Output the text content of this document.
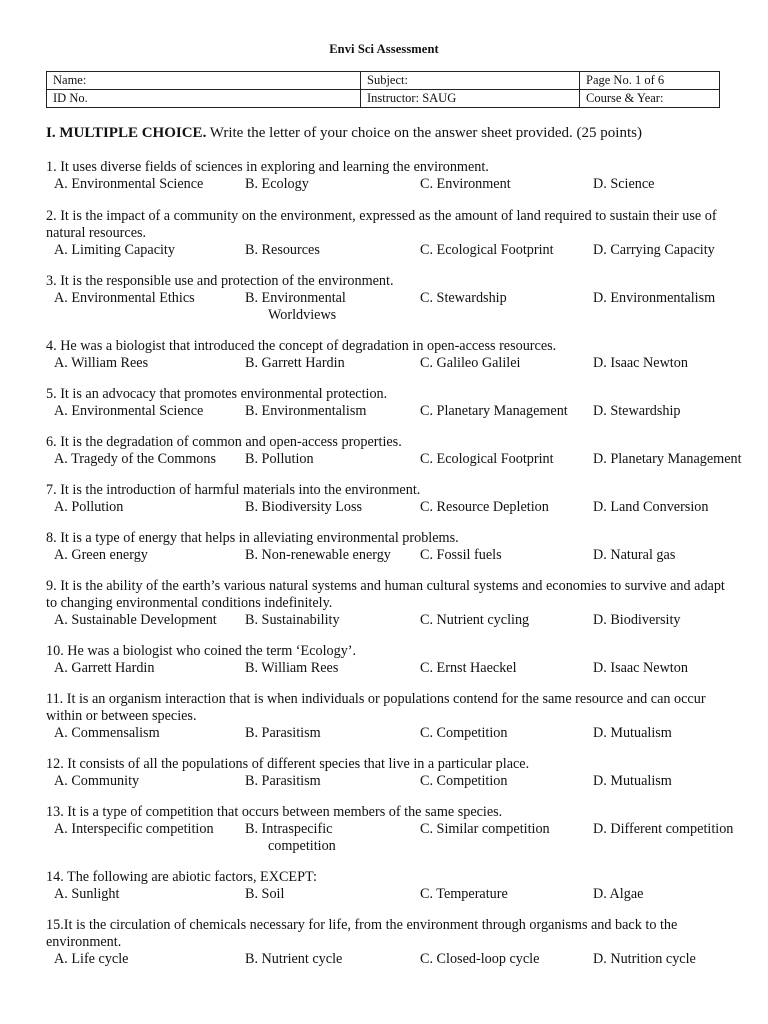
Envi Sci Assessment
Name:	Subject:	Page No. 1 of 6
ID No.	Instructor: SAUG	Course & Year:
I. MULTIPLE CHOICE. Write the letter of your choice on the answer sheet provided. (25 points)
1. It uses diverse fields of sciences in exploring and learning the environment.
A. Environmental Science	B. Ecology	C. Environment	D. Science
2. It is the impact of a community on the environment, expressed as the amount of land required to sustain their use of natural resources.
A. Limiting Capacity	B. Resources	C. Ecological Footprint	D. Carrying Capacity
3. It is the responsible use and protection of the environment.
A. Environmental Ethics	B. Environmental
Worldviews
C. Stewardship	D. Environmentalism
4. He was a biologist that introduced the concept of degradation in open-access resources.
A. William Rees	B. Garrett Hardin	C. Galileo Galilei	D. Isaac Newton
5. It is an advocacy that promotes environmental protection.
A. Environmental Science	B. Environmentalism	C. Planetary Management D. Stewardship
6. It is the degradation of common and open-access properties.
A. Tragedy of the Commons B. Pollution	C. Ecological Footprint	D. Planetary Management
7. It is the introduction of harmful materials into the environment.
A. Pollution	B. Biodiversity Loss	C. Resource Depletion	D. Land Conversion
8. It is a type of energy that helps in alleviating environmental problems.
A. Green energy	B. Non-renewable energy C. Fossil fuels	D. Natural gas
9. It is the ability of the earth’s various natural systems and human cultural systems and economies to survive and adapt to changing environmental conditions indefinitely.
A. Sustainable Development B. Sustainability	C. Nutrient cycling	D. Biodiversity
10. He was a biologist who coined the term ‘Ecology’.
A. Garrett Hardin	B. William Rees	C. Ernst Haeckel	D. Isaac Newton
11. It is an organism interaction that is when individuals or populations contend for the same resource and can occur within or between species.
A. Commensalism	B. Parasitism	C. Competition	D. Mutualism
12. It consists of all the populations of different species that live in a particular place.
A. Community	B. Parasitism	C. Competition	D. Mutualism
13. It is a type of competition that occurs between members of the same species.
A. Interspecific competition B. Intraspecific
competition
C. Similar competition	D. Different competition
14. The following are abiotic factors, EXCEPT:
A. Sunlight	B. Soil	C. Temperature	D. Algae
15.It is the circulation of chemicals necessary for life, from the environment through organisms and back to the environment.
A. Life cycle	B. Nutrient cycle	C. Closed-loop cycle	D. Nutrition cycle
